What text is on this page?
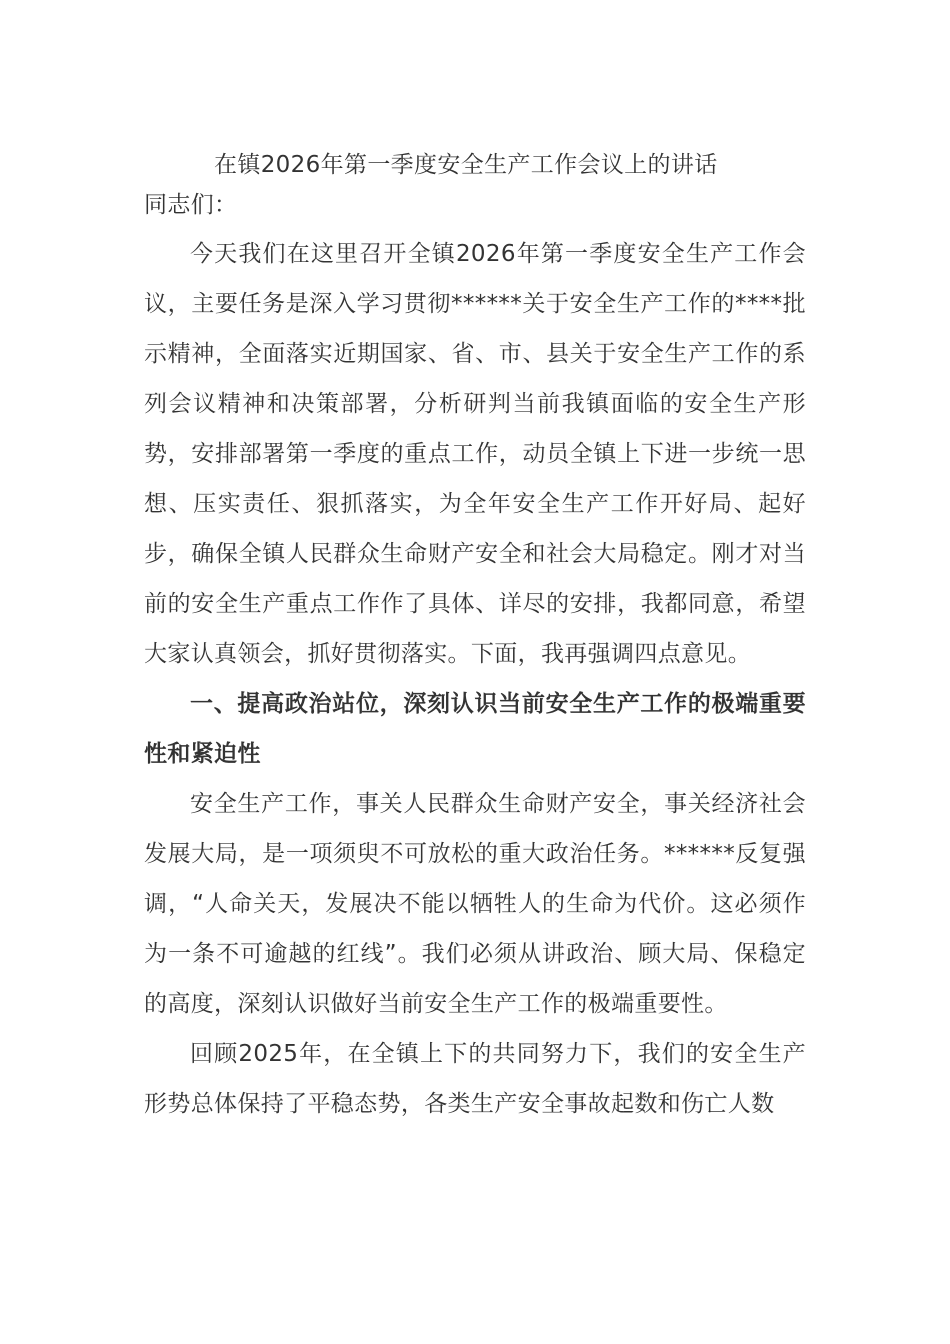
在镇2026年第一季度安全生产工作会议上的讲话
同志们：

今天我们在这里召开全镇2026年第一季度安全生产工作会议，主要任务是深入学习贯彻******关于安全生产工作的****批示精神，全面落实近期国家、省、市、县关于安全生产工作的系列会议精神和决策部署，分析研判当前我镇面临的安全生产形势，安排部署第一季度的重点工作，动员全镇上下进一步统一思想、压实责任、狠抓落实，为全年安全生产工作开好局、起好步，确保全镇人民群众生命财产安全和社会大局稳定。刚才对当前的安全生产重点工作作了具体、详尽的安排，我都同意，希望大家认真领会，抓好贯彻落实。下面，我再强调四点意见。

一、提高政治站位，深刻认识当前安全生产工作的极端重要性和紧迫性

安全生产工作，事关人民群众生命财产安全，事关经济社会发展大局，是一项须臾不可放松的重大政治任务。******反复强调，“人命关天，发展决不能以牺牲人的生命为代价。这必须作为一条不可逾越的红线”。我们必须从讲政治、顾大局、保稳定的高度，深刻认识做好当前安全生产工作的极端重要性。

回顾2025年，在全镇上下的共同努力下，我们的安全生产形势总体保持了平稳态势，各类生产安全事故起数和伤亡人数
